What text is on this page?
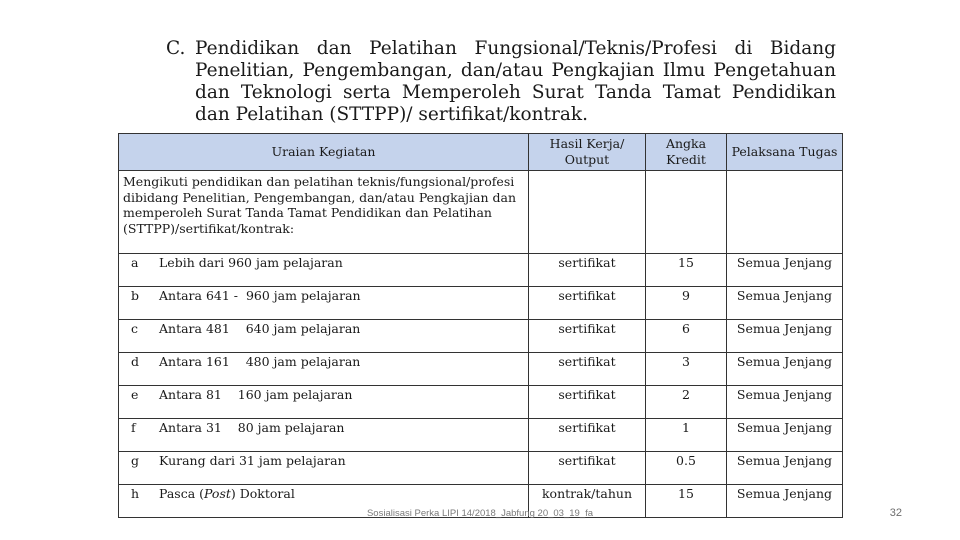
C. Pendidikan dan Pelatihan Fungsional/Teknis/Profesi di Bidang Penelitian, Pengembangan, dan/atau Pengkajian Ilmu Pengetahuan dan Teknologi serta Memperoleh Surat Tanda Tamat Pendidikan dan Pelatihan (STTPP)/ sertifikat/kontrak.
Uraian Kegiatan	Hasil Kerja/ Output	Angka Kredit	Pelaksana Tugas
Mengikuti pendidikan dan pelatihan teknis/fungsional/profesi dibidang Penelitian, Pengembangan, dan/atau Pengkajian dan memperoleh Surat Tanda Tamat Pendidikan dan Pelatihan (STTPP)/sertifikat/kontrak:			
a Lebih dari 960 jam pelajaran	sertifikat	15	Semua Jenjang
b Antara 641 -  960 jam pelajaran	sertifikat	9	Semua Jenjang
c Antara 481    640 jam pelajaran	sertifikat	6	Semua Jenjang
d Antara 161    480 jam pelajaran	sertifikat	3	Semua Jenjang
e Antara 81    160 jam pelajaran	sertifikat	2	Semua Jenjang
f Antara 31    80 jam pelajaran	sertifikat	1	Semua Jenjang
g Kurang dari 31 jam pelajaran	sertifikat	0.5	Semua Jenjang
h Pasca (Post) Doktoral	kontrak/tahun	15	Semua Jenjang
Sosialisasi Perka LIPI 14/2018_Jabfung 20_03_19_fa	32
